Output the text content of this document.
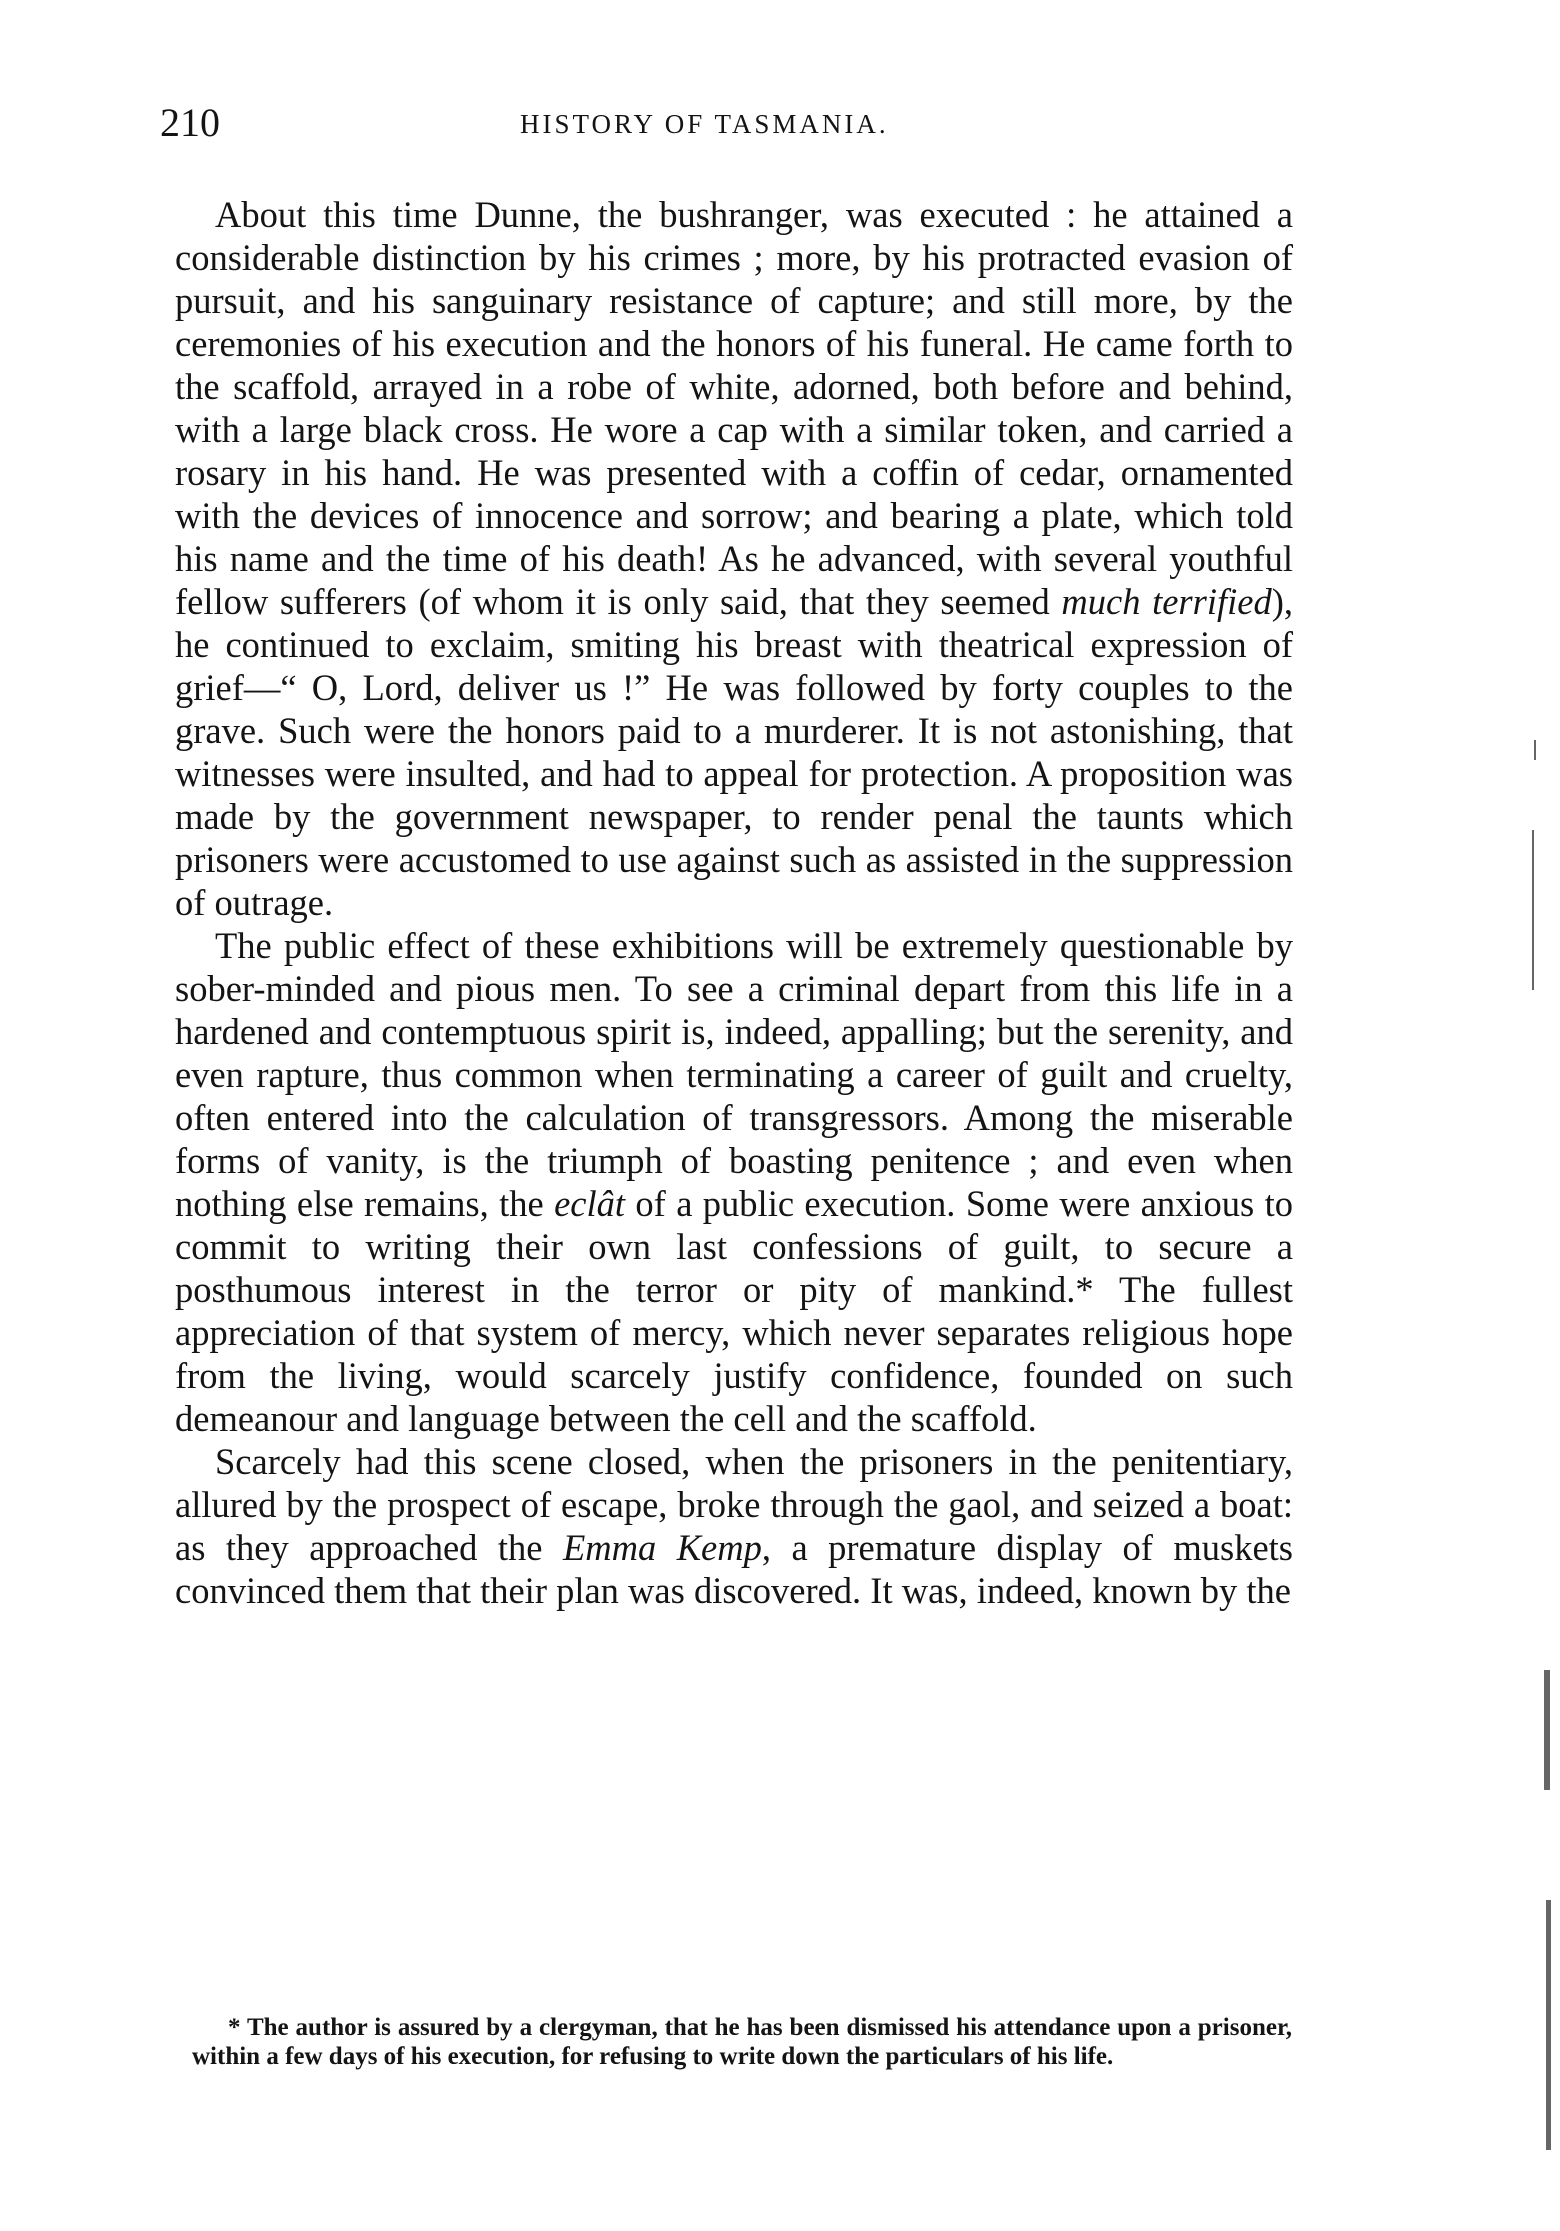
210	HISTORY OF TASMANIA.

About this time Dunne, the bushranger, was executed : he attained a considerable distinction by his crimes ; more, by his protracted evasion of pursuit, and his sanguinary resistance of capture; and still more, by the ceremonies of his execution and the honors of his funeral. He came forth to the scaffold, arrayed in a robe of white, adorned, both before and behind, with a large black cross. He wore a cap with a similar token, and carried a rosary in his hand. He was presented with a coffin of cedar, ornamented with the devices of innocence and sorrow; and bearing a plate, which told his name and the time of his death! As he advanced, with several youthful fellow sufferers (of whom it is only said, that they seemed much terrified), he continued to exclaim, smiting his breast with theatrical expression of grief—“ O, Lord, deliver us !” He was followed by forty couples to the grave. Such were the honors paid to a murderer. It is not astonishing, that witnesses were insulted, and had to appeal for protection. A proposition was made by the government newspaper, to render penal the taunts which prisoners were accustomed to use against such as assisted in the suppression of outrage.

The public effect of these exhibitions will be extremely questionable by sober-minded and pious men. To see a criminal depart from this life in a hardened and contemptuous spirit is, indeed, appalling; but the serenity, and even rapture, thus common when terminating a career of guilt and cruelty, often entered into the calculation of transgressors. Among the miserable forms of vanity, is the triumph of boasting penitence ; and even when nothing else remains, the eclât of a public execution. Some were anxious to commit to writing their own last confessions of guilt, to secure a posthumous interest in the terror or pity of mankind.* The fullest appreciation of that system of mercy, which never separates religious hope from the living, would scarcely justify confidence, founded on such demeanour and language between the cell and the scaffold.

Scarcely had this scene closed, when the prisoners in the penitentiary, allured by the prospect of escape, broke through the gaol, and seized a boat: as they approached the Emma Kemp, a premature display of muskets convinced them that their plan was discovered. It was, indeed, known by the

* The author is assured by a clergyman, that he has been dismissed his attendance upon a prisoner, within a few days of his execution, for refusing to write down the particulars of his life.
